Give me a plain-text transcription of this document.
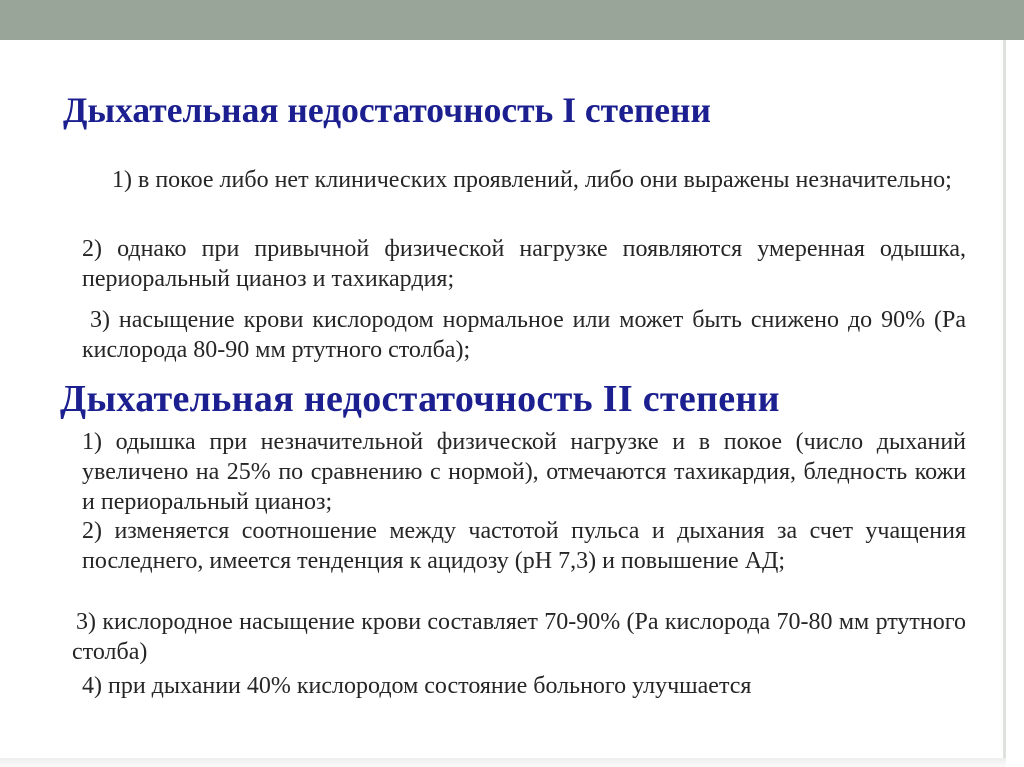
Дыхательная недостаточность I степени

1) в покое либо нет клинических проявлений, либо они выражены незначительно;

2) однако при привычной физической нагрузке появляются умеренная одышка, периоральный цианоз и тахикардия;

3) насыщение крови кислородом нормальное или может быть снижено до 90% (Ра кислорода 80-90 мм ртутного столба);

Дыхательная недостаточность II степени

1) одышка при незначительной физической нагрузке и в покое (число дыханий увеличено на 25% по сравнению с нормой), отмечаются тахикардия, бледность кожи и периоральный цианоз;

2) изменяется соотношение между частотой пульса и дыхания за счет учащения последнего, имеется тенденция к ацидозу (рН 7,3) и повышение АД;

3) кислородное насыщение крови составляет 70-90% (Ра кислорода 70-80 мм ртутного столба)

4) при дыхании 40% кислородом состояние больного улучшается
